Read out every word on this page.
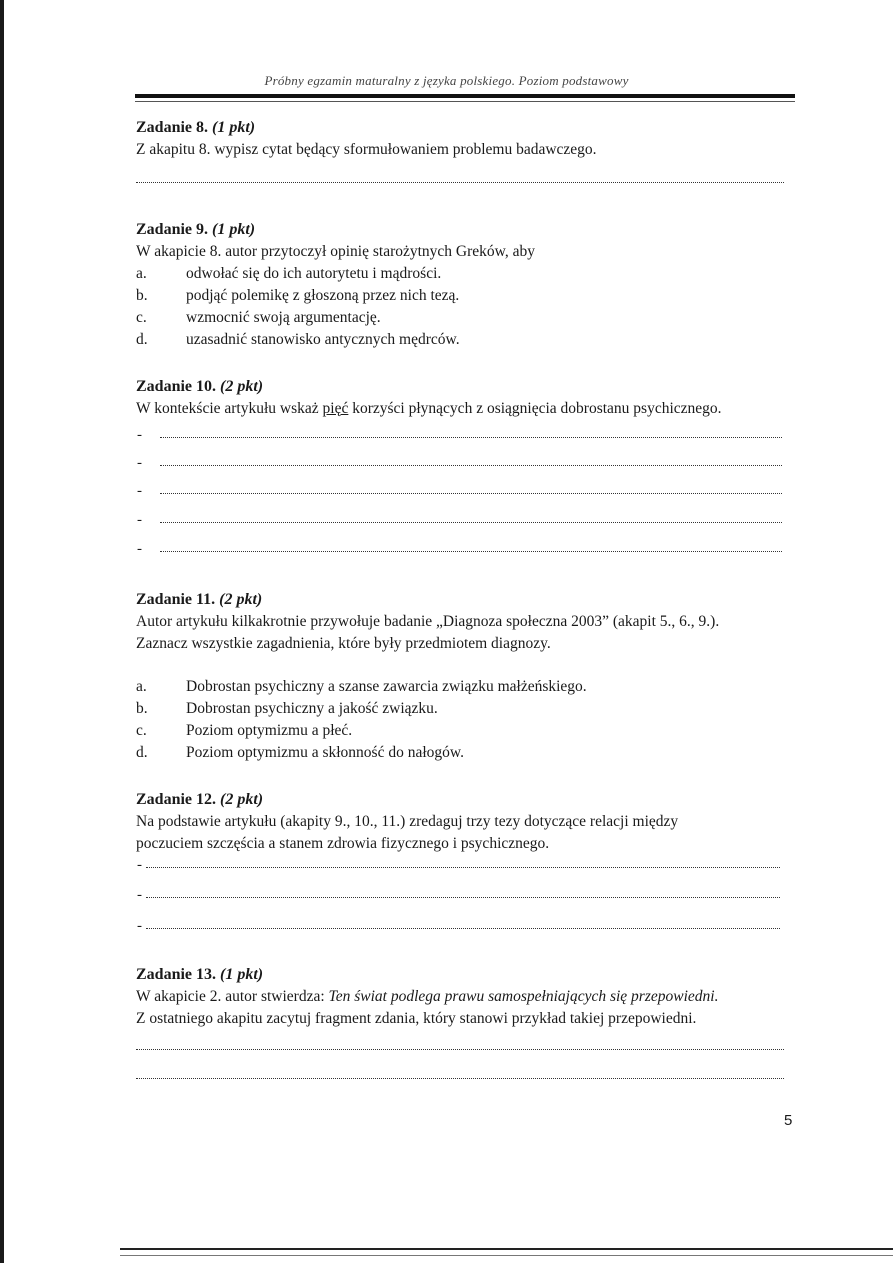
Próbny egzamin maturalny z języka polskiego. Poziom podstawowy
Zadanie 8. (1 pkt)
Z akapitu 8. wypisz cytat będący sformułowaniem problemu badawczego.
Zadanie 9. (1 pkt)
W akapicie 8. autor przytoczył opinię starożytnych Greków, aby
a.	odwołać się do ich autorytetu i mądrości.
b.	podjąć polemikę z głoszoną przez nich tezą.
c.	wzmocnić swoją argumentację.
d.	uzasadnić stanowisko antycznych mędrców.
Zadanie 10. (2 pkt)
W kontekście artykułu wskaż pięć korzyści płynących z osiągnięcia dobrostanu psychicznego.
-
-
-
-
-
Zadanie 11. (2 pkt)
Autor artykułu kilkakrotnie przywołuje badanie „Diagnoza społeczna 2003” (akapit 5., 6., 9.).
Zaznacz wszystkie zagadnienia, które były przedmiotem diagnozy.
a.	Dobrostan psychiczny a szanse zawarcia związku małżeńskiego.
b.	Dobrostan psychiczny a jakość związku.
c.	Poziom optymizmu a płeć.
d.	Poziom optymizmu a skłonność do nałogów.
Zadanie 12. (2 pkt)
Na podstawie artykułu (akapity 9., 10., 11.) zredaguj trzy tezy dotyczące relacji między
poczuciem szczęścia a stanem zdrowia fizycznego i psychicznego.
-
-
-
Zadanie 13. (1 pkt)
W akapicie 2. autor stwierdza: Ten świat podlega prawu samospełniających się przepowiedni.
Z ostatniego akapitu zacytuj fragment zdania, który stanowi przykład takiej przepowiedni.
5
